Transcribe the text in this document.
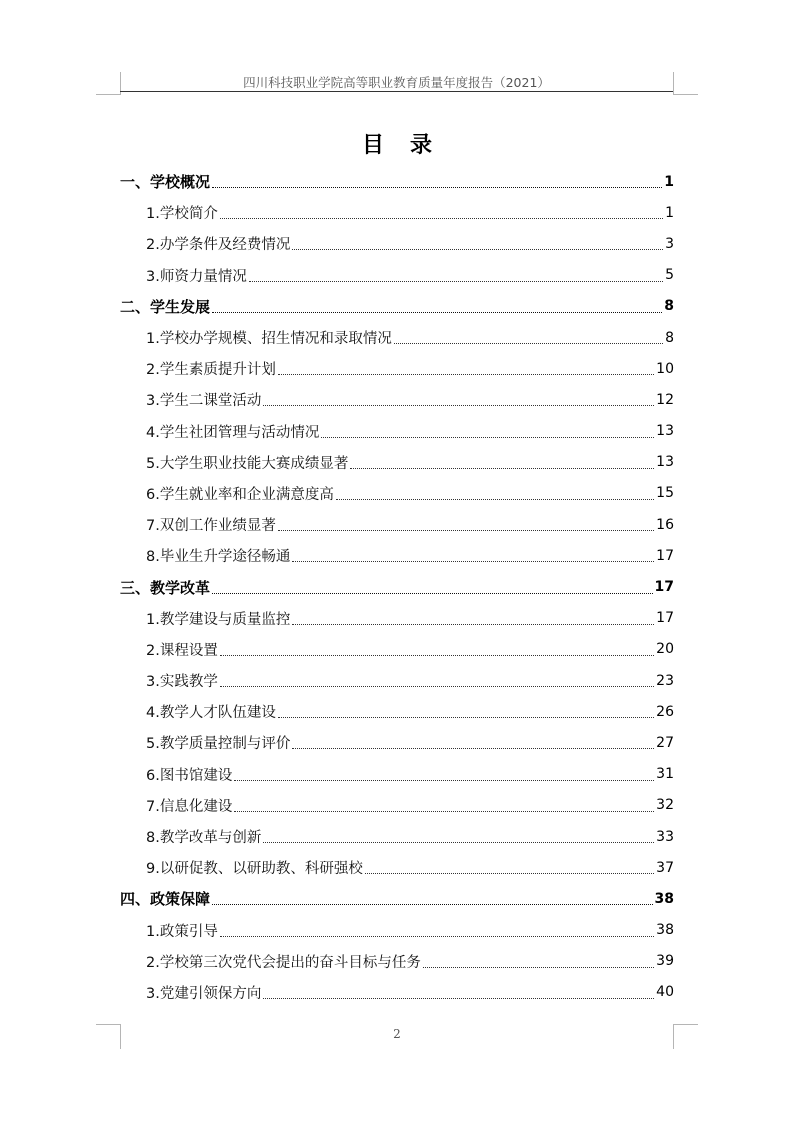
四川科技职业学院高等职业教育质量年度报告（2021）
目录
一、学校概况	1
1.学校简介	1
2.办学条件及经费情况	3
3.师资力量情况	5
二、学生发展	8
1.学校办学规模、招生情况和录取情况	8
2.学生素质提升计划	10
3.学生二课堂活动	12
4.学生社团管理与活动情况	13
5.大学生职业技能大赛成绩显著	13
6.学生就业率和企业满意度高	15
7.双创工作业绩显著	16
8.毕业生升学途径畅通	17
三、教学改革	17
1.教学建设与质量监控	17
2.课程设置	20
3.实践教学	23
4.教学人才队伍建设	26
5.教学质量控制与评价	27
6.图书馆建设	31
7.信息化建设	32
8.教学改革与创新	33
9.以研促教、以研助教、科研强校	37
四、政策保障	38
1.政策引导	38
2.学校第三次党代会提出的奋斗目标与任务	39
3.党建引领保方向	40
2
